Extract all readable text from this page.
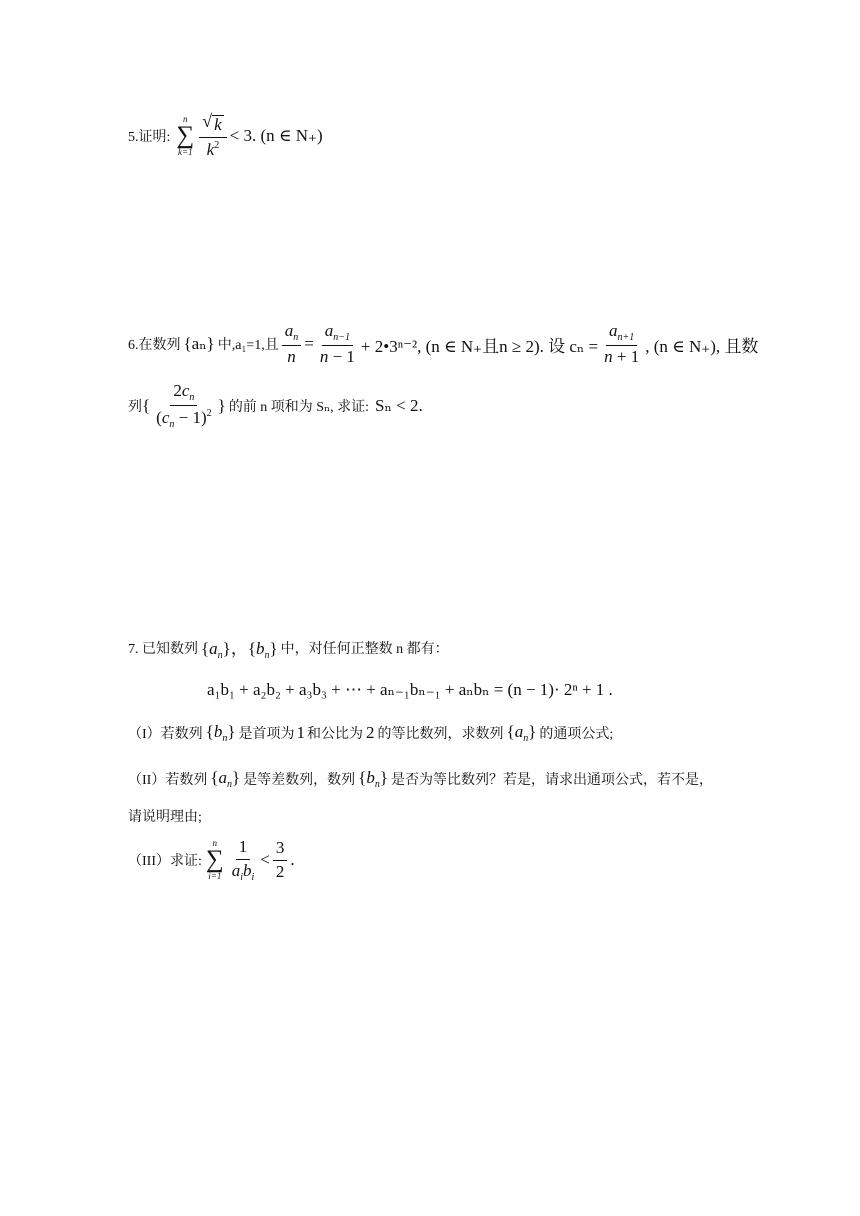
5.证明:
n
∑
$k=1 \frac{√ k}{k^2} < 3$. (n ∈ N₊)
6.在数列 {aₙ} 中,a₁=1,且 $\frac{a_n}{n} = \frac{a_{n-1}}{n - 1}$ + 2•3ⁿ⁻², (n ∈ N₊且n ≥ 2). 设 $c_n = \frac{a_{n+1}}{n + 1}$ , (n ∈ N₊), 且数
列 { $\frac{2c_n}{(c_n - 1)^2}$ } 的前 n 项和为 Sₙ, 求证: Sₙ < 2.
7. 已知数列 $\{a_n\}$，$\{b_n\}$ 中，对任何正整数 n 都有：
a₁b₁ + a₂b₂ + a₃b₃ + ⋯ + aₙ₋₁bₙ₋₁ + aₙbₙ = (n − 1)· 2ⁿ + 1 .
（I）若数列 $\{b_n\}$ 是首项为 1 和公比为 2 的等比数列，求数列 $\{a_n\}$ 的通项公式;
（II）若数列 $\{a_n\}$ 是等差数列，数列 $\{b_n\}$ 是否为等比数列？若是，请求出通项公式，若不是，
请说明理由;
（III）求证:
n
∑
$i=1 \frac{1}{a_ib_i} < \frac{3}{2}$ .
